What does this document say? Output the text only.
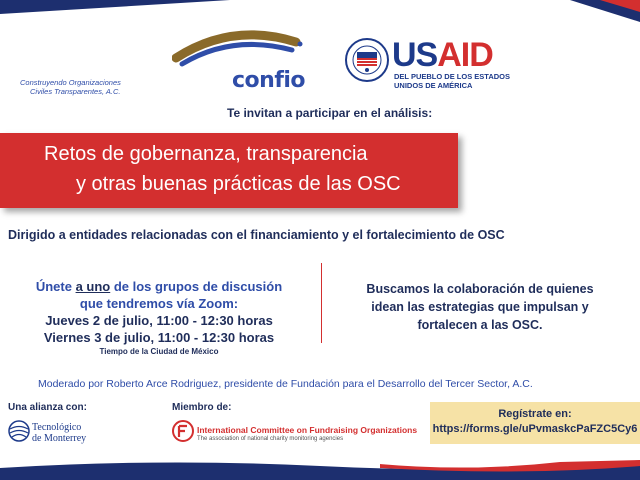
confio
Construyendo Organizaciones
Civiles Transparentes, A.C.
USAID
DEL PUEBLO DE LOS ESTADOS
UNIDOS DE AMÉRICA
Te invitan a participar en el análisis:
Retos de gobernanza, transparencia
y otras buenas prácticas de las OSC
Dirigido a entidades relacionadas con el financiamiento y el fortalecimiento de OSC
Únete a uno de los grupos de discusión
que tendremos vía Zoom:
Jueves 2 de julio, 11:00 - 12:30 horas
Viernes 3 de julio, 11:00 - 12:30 horas
Tiempo de la Ciudad de México
Buscamos la colaboración de quienes
idean las estrategias que impulsan y
fortalecen a las OSC.
Moderado por Roberto Arce Rodriguez, presidente de Fundación para el Desarrollo del Tercer Sector, A.C.
Una alianza con:
Tecnológico
de Monterrey
Miembro de:
International Committee on Fundraising Organizations
The association of national charity monitoring agencies
Regístrate en:
https://forms.gle/uPvmaskcPaFZC5Cy6
